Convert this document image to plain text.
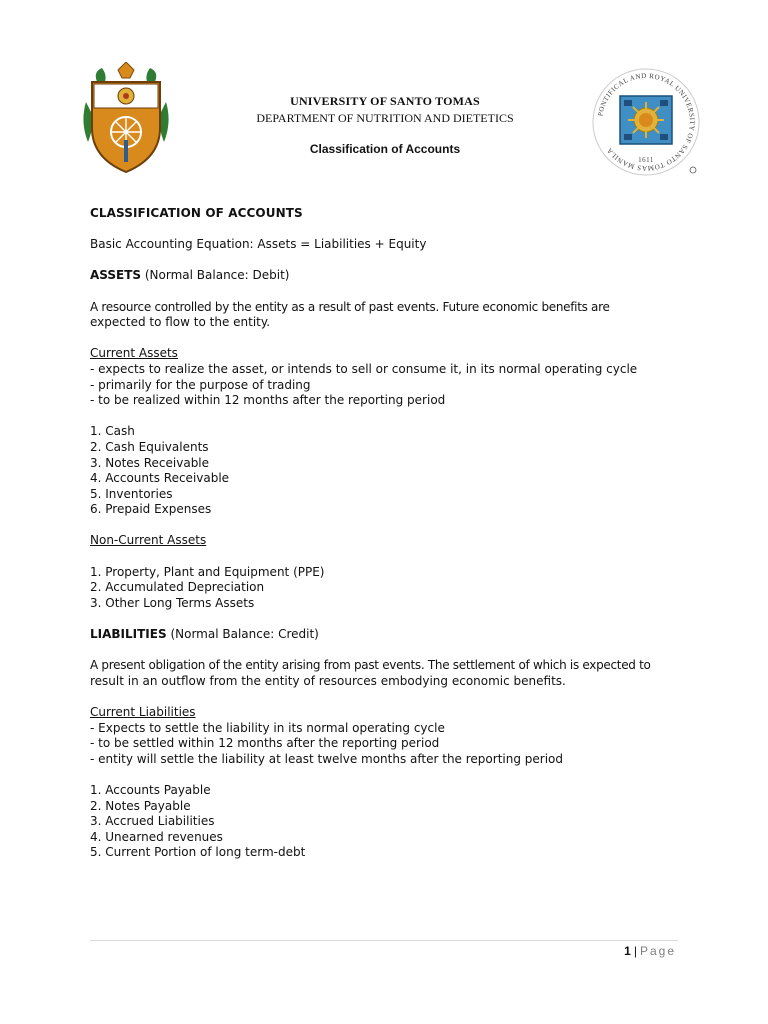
UNIVERSITY OF SANTO TOMAS
DEPARTMENT OF NUTRITION AND DIETETICS
Classification of Accounts
PONTIFICAL AND ROYAL UNIVERSITY OF SANTO TOMAS MANILA
1611

CLASSIFICATION OF ACCOUNTS

Basic Accounting Equation: Assets = Liabilities + Equity

ASSETS (Normal Balance: Debit)

A resource controlled by the entity as a result of past events. Future economic benefits are

expected to flow to the entity.

Current Assets

- expects to realize the asset, or intends to sell or consume it, in its normal operating cycle

- primarily for the purpose of trading

- to be realized within 12 months after the reporting period

1. Cash

2. Cash Equivalents

3. Notes Receivable

4. Accounts Receivable

5. Inventories

6. Prepaid Expenses

Non-Current Assets

1. Property, Plant and Equipment (PPE)

2. Accumulated Depreciation

3. Other Long Terms Assets

LIABILITIES (Normal Balance: Credit)

A present obligation of the entity arising from past events. The settlement of which is expected to

result in an outflow from the entity of resources embodying economic benefits.

Current Liabilities

- Expects to settle the liability in its normal operating cycle

- to be settled within 12 months after the reporting period

- entity will settle the liability at least twelve months after the reporting period

1. Accounts Payable

2. Notes Payable

3. Accrued Liabilities

4. Unearned revenues

5. Current Portion of long term-debt

1 | Page
